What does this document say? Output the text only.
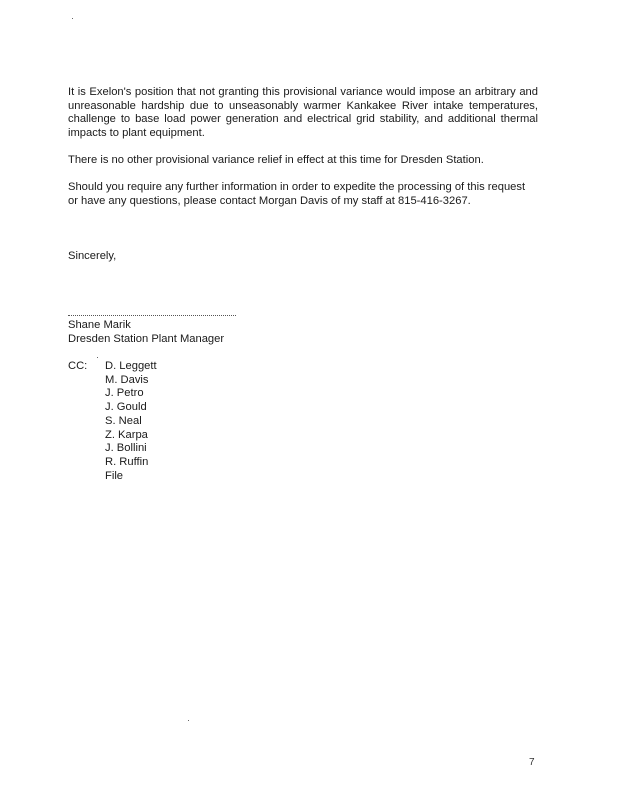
It is Exelon's position that not granting this provisional variance would impose an arbitrary and unreasonable hardship due to unseasonably warmer Kankakee River intake temperatures, challenge to base load power generation and electrical grid stability, and additional thermal impacts to plant equipment.

There is no other provisional variance relief in effect at this time for Dresden Station.

Should you require any further information in order to expedite the processing of this request or have any questions, please contact Morgan Davis of my staff at 815-416-3267.

Sincerely,

Shane Marik
Dresden Station Plant Manager
CC: D. Leggett
M. Davis
J. Petro
J. Gould
S. Neal
Z. Karpa
J. Bollini
R. Ruffin
File
7
